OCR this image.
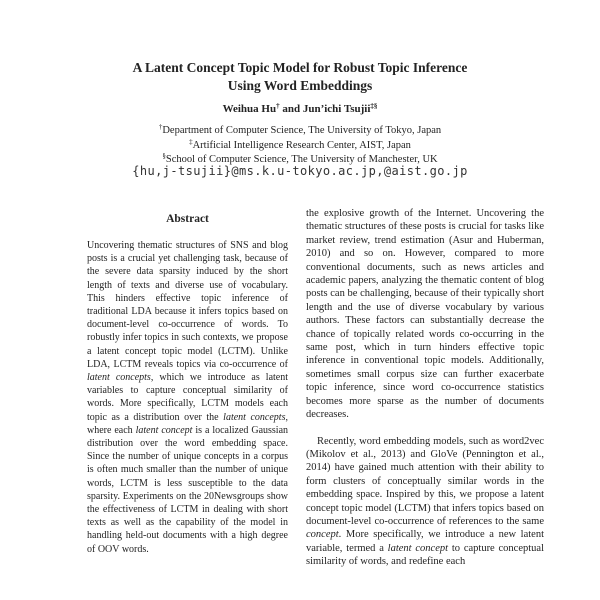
A Latent Concept Topic Model for Robust Topic Inference
Using Word Embeddings
Weihua Hu† and Jun’ichi Tsujii‡§
†Department of Computer Science, The University of Tokyo, Japan
‡Artificial Intelligence Research Center, AIST, Japan
§School of Computer Science, The University of Manchester, UK
{hu,j-tsujii}@ms.k.u-tokyo.ac.jp,@aist.go.jp
Abstract

Uncovering thematic structures of SNS and blog posts is a crucial yet challenging task, because of the severe data sparsity induced by the short length of texts and diverse use of vocabulary. This hinders effective topic inference of traditional LDA because it infers topics based on document-level co-occurrence of words. To robustly infer topics in such contexts, we propose a latent concept topic model (LCTM). Unlike LDA, LCTM reveals topics via co-occurrence of latent concepts, which we introduce as latent variables to capture conceptual similarity of words. More specifically, LCTM models each topic as a distribution over the latent concepts, where each latent concept is a localized Gaussian distribution over the word embedding space. Since the number of unique concepts in a corpus is often much smaller than the number of unique words, LCTM is less susceptible to the data sparsity. Experiments on the 20Newsgroups show the effectiveness of LCTM in dealing with short texts as well as the capability of the model in handling held-out documents with a high degree of OOV words.

the explosive growth of the Internet. Uncovering the thematic structures of these posts is crucial for tasks like market review, trend estimation (Asur and Huberman, 2010) and so on. However, compared to more conventional documents, such as news articles and academic papers, analyzing the thematic content of blog posts can be challenging, because of their typically short length and the use of diverse vocabulary by various authors. These factors can substantially decrease the chance of topically related words co-occurring in the same post, which in turn hinders effective topic inference in conventional topic models. Additionally, sometimes small corpus size can further exacerbate topic inference, since word co-occurrence statistics becomes more sparse as the number of documents decreases.

Recently, word embedding models, such as word2vec (Mikolov et al., 2013) and GloVe (Pennington et al., 2014) have gained much attention with their ability to form clusters of conceptually similar words in the embedding space. Inspired by this, we propose a latent concept topic model (LCTM) that infers topics based on document-level co-occurrence of references to the same concept. More specifically, we introduce a new latent variable, termed a latent concept to capture conceptual similarity of words, and redefine each
